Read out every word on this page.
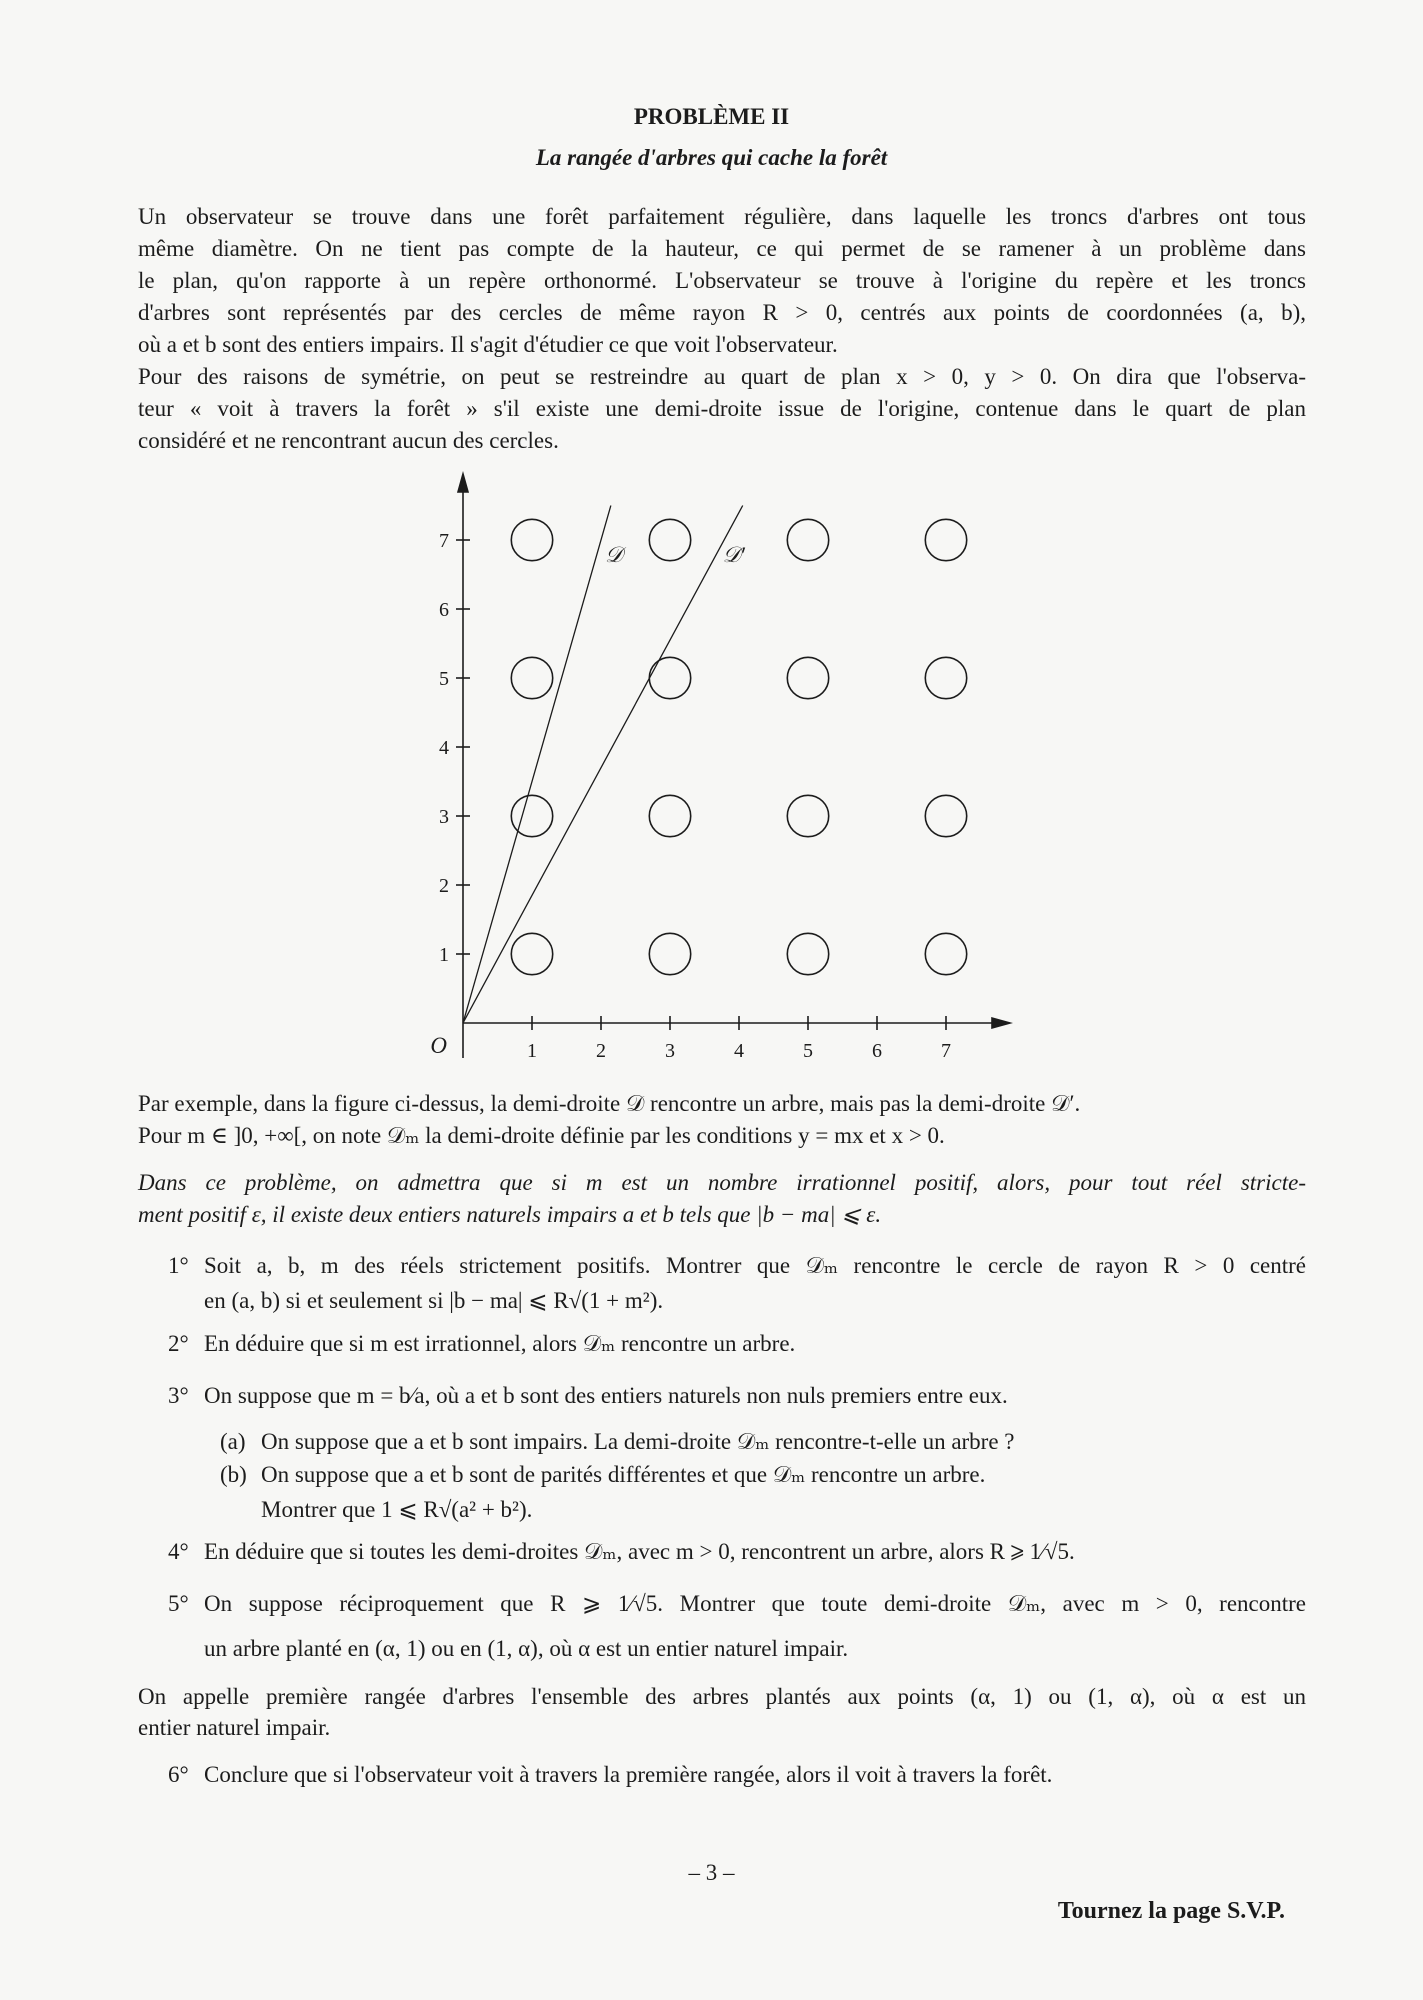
PROBLÈME II
La rangée d'arbres qui cache la forêt
Un observateur se trouve dans une forêt parfaitement régulière, dans laquelle les troncs d'arbres ont tous
même diamètre. On ne tient pas compte de la hauteur, ce qui permet de se ramener à un problème dans
le plan, qu'on rapporte à un repère orthonormé. L'observateur se trouve à l'origine du repère et les troncs
d'arbres sont représentés par des cercles de même rayon R > 0, centrés aux points de coordonnées (a, b),
où a et b sont des entiers impairs. Il s'agit d'étudier ce que voit l'observateur.
Pour des raisons de symétrie, on peut se restreindre au quart de plan x > 0, y > 0. On dira que l'observa-
teur « voit à travers la forêt » s'il existe une demi-droite issue de l'origine, contenue dans le quart de plan
considéré et ne rencontrant aucun des cercles.
1	2	3	4	5	6	7
1
2
3
4
5
6
7
O
𝒟	𝒟′
Par exemple, dans la figure ci-dessus, la demi-droite 𝒟 rencontre un arbre, mais pas la demi-droite 𝒟′.
Pour m ∈ ]0, +∞[, on note 𝒟ₘ la demi-droite définie par les conditions y = mx et x > 0.
Dans ce problème, on admettra que si m est un nombre irrationnel positif, alors, pour tout réel stricte-
ment positif ε, il existe deux entiers naturels impairs a et b tels que |b − ma| ⩽ ε.
1° Soit a, b, m des réels strictement positifs. Montrer que 𝒟ₘ rencontre le cercle de rayon R > 0 centré
en (a, b) si et seulement si |b − ma| ⩽ R√(1 + m²).
2° En déduire que si m est irrationnel, alors 𝒟ₘ rencontre un arbre.
3° On suppose que m = b⁄a, où a et b sont des entiers naturels non nuls premiers entre eux.
(a) On suppose que a et b sont impairs. La demi-droite 𝒟ₘ rencontre-t-elle un arbre ?
(b) On suppose que a et b sont de parités différentes et que 𝒟ₘ rencontre un arbre.
Montrer que 1 ⩽ R√(a² + b²).
4° En déduire que si toutes les demi-droites 𝒟ₘ, avec m > 0, rencontrent un arbre, alors R ⩾ 1⁄√5.
5° On suppose réciproquement que R ⩾ 1⁄√5. Montrer que toute demi-droite 𝒟ₘ, avec m > 0, rencontre
un arbre planté en (α, 1) ou en (1, α), où α est un entier naturel impair.
On appelle première rangée d'arbres l'ensemble des arbres plantés aux points (α, 1) ou (1, α), où α est un
entier naturel impair.
6° Conclure que si l'observateur voit à travers la première rangée, alors il voit à travers la forêt.
– 3 –
Tournez la page S.V.P.
